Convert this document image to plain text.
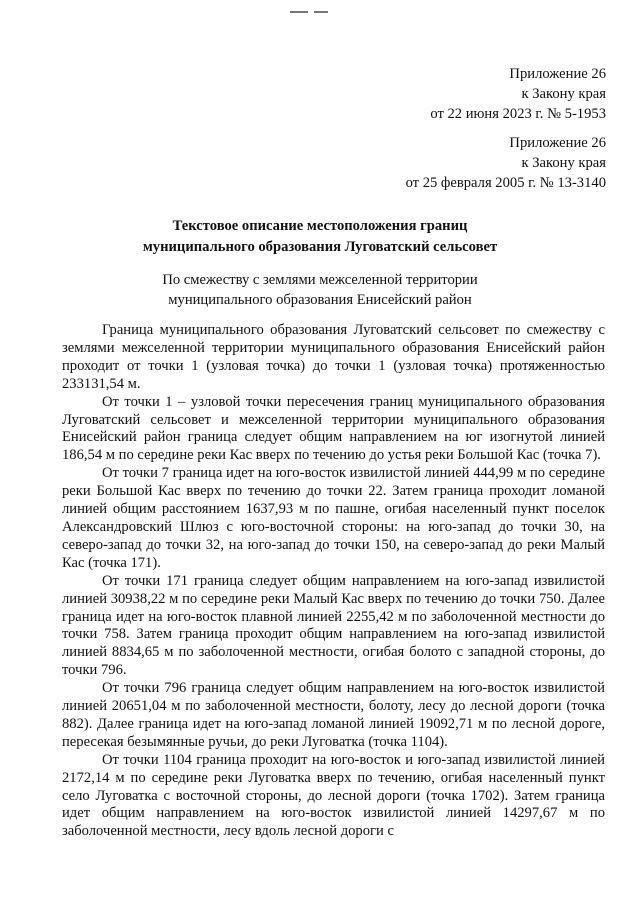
Приложение 26
к Закону края
от 22 июня 2023 г. № 5-1953
Приложение 26
к Закону края
от 25 февраля 2005 г. № 13-3140
Текстовое описание местоположения границ
муниципального образования Луговатский сельсовет
По смежеству с землями межселенной территории
муниципального образования Енисейский район

Граница муниципального образования Луговатский сельсовет по смежеству с землями межселенной территории муниципального образования Енисейский район проходит от точки 1 (узловая точка) до точки 1 (узловая точка) протяженностью 233131,54 м.

От точки 1 – узловой точки пересечения границ муниципального образования Луговатский сельсовет и межселенной территории муниципального образования Енисейский район граница следует общим направлением на юг изогнутой линией 186,54 м по середине реки Кас вверх по течению до устья реки Большой Кас (точка 7).

От точки 7 граница идет на юго-восток извилистой линией 444,99 м по середине реки Большой Кас вверх по течению до точки 22. Затем граница проходит ломаной линией общим расстоянием 1637,93 м по пашне, огибая населенный пункт поселок Александровский Шлюз с юго-восточной стороны: на юго-запад до точки 30, на северо-запад до точки 32, на юго-запад до точки 150, на северо-запад до реки Малый Кас (точка 171).

От точки 171 граница следует общим направлением на юго-запад извилистой линией 30938,22 м по середине реки Малый Кас вверх по течению до точки 750. Далее граница идет на юго-восток плавной линией 2255,42 м по заболоченной местности до точки 758. Затем граница проходит общим направлением на юго-запад извилистой линией 8834,65 м по заболоченной местности, огибая болото с западной стороны, до точки 796.

От точки 796 граница следует общим направлением на юго-восток извилистой линией 20651,04 м по заболоченной местности, болоту, лесу до лесной дороги (точка 882). Далее граница идет на юго-запад ломаной линией 19092,71 м по лесной дороге, пересекая безымянные ручьи, до реки Луговатка (точка 1104).

От точки 1104 граница проходит на юго-восток и юго-запад извилистой линией 2172,14 м по середине реки Луговатка вверх по течению, огибая населенный пункт село Луговатка с восточной стороны, до лесной дороги (точка 1702). Затем граница идет общим направлением на юго-восток извилистой линией 14297,67 м по заболоченной местности, лесу вдоль лесной дороги с
